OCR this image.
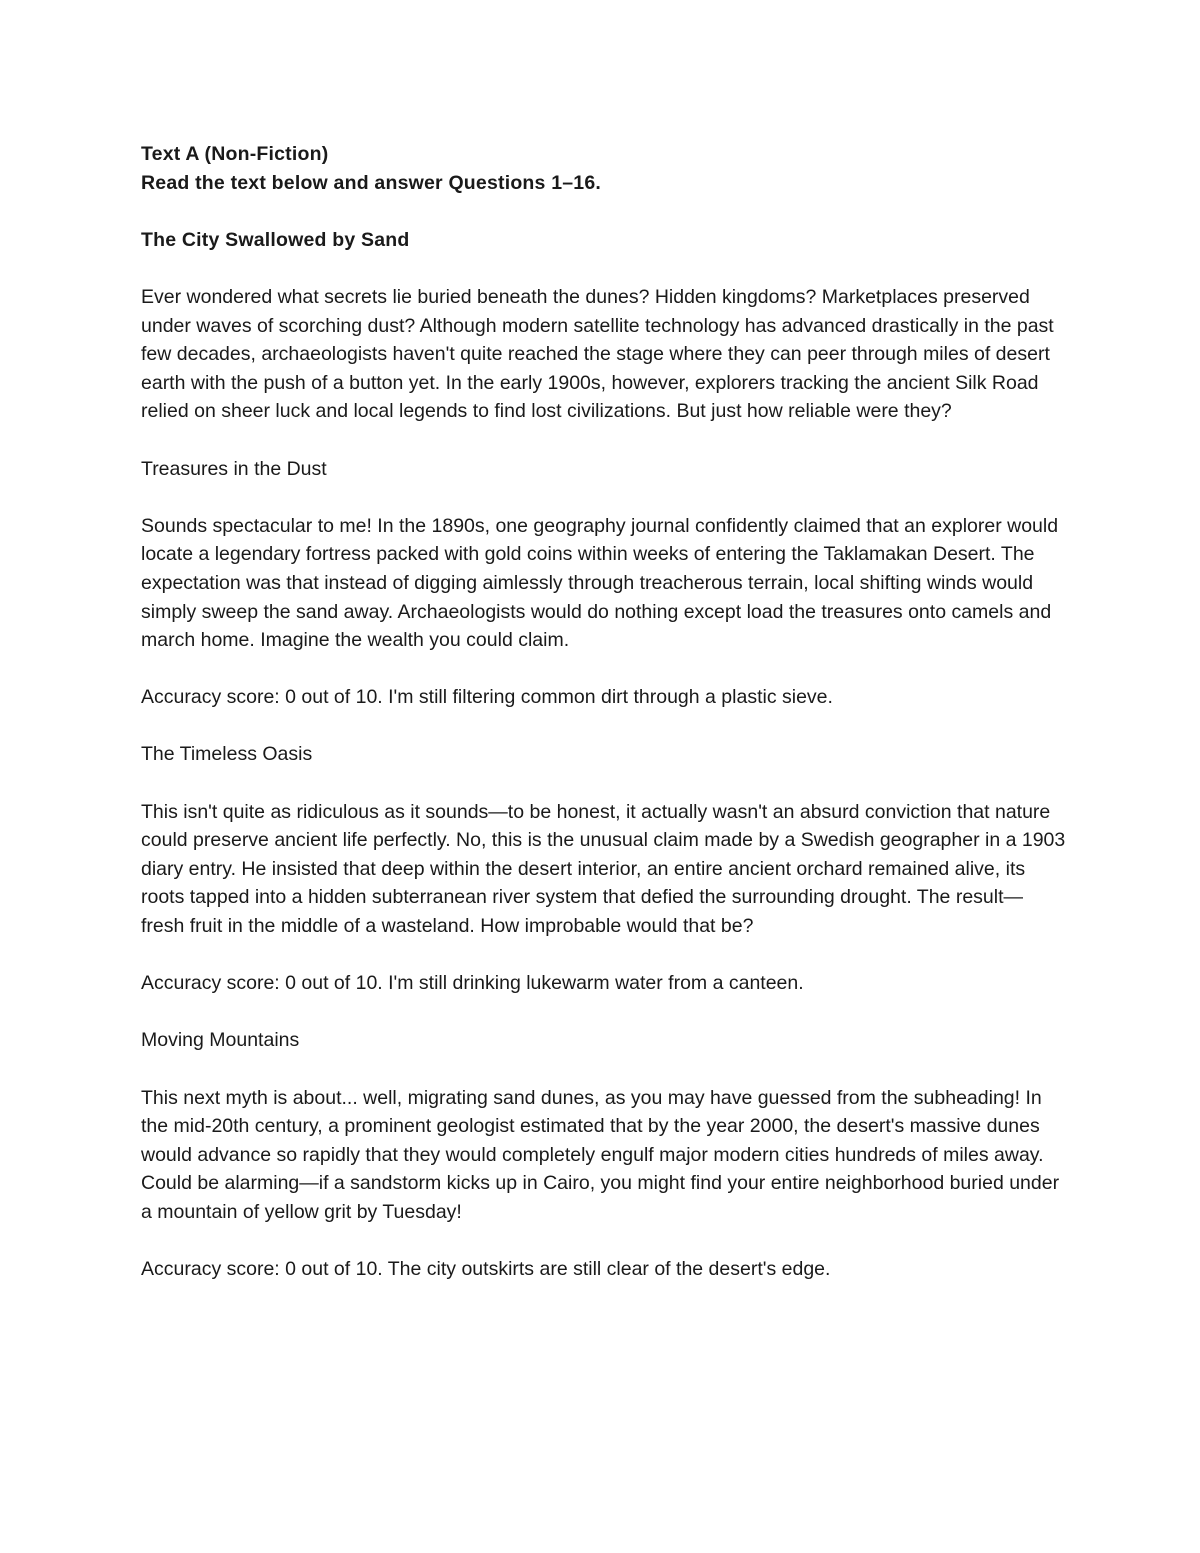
Text A (Non-Fiction)

Read the text below and answer Questions 1–16.

The City Swallowed by Sand

Ever wondered what secrets lie buried beneath the dunes? Hidden kingdoms? Marketplaces preserved under waves of scorching dust? Although modern satellite technology has advanced drastically in the past few decades, archaeologists haven't quite reached the stage where they can peer through miles of desert earth with the push of a button yet. In the early 1900s, however, explorers tracking the ancient Silk Road relied on sheer luck and local legends to find lost civilizations. But just how reliable were they?

Treasures in the Dust

Sounds spectacular to me! In the 1890s, one geography journal confidently claimed that an explorer would locate a legendary fortress packed with gold coins within weeks of entering the Taklamakan Desert. The expectation was that instead of digging aimlessly through treacherous terrain, local shifting winds would simply sweep the sand away. Archaeologists would do nothing except load the treasures onto camels and march home. Imagine the wealth you could claim.

Accuracy score: 0 out of 10. I'm still filtering common dirt through a plastic sieve.

The Timeless Oasis

This isn't quite as ridiculous as it sounds—to be honest, it actually wasn't an absurd conviction that nature could preserve ancient life perfectly. No, this is the unusual claim made by a Swedish geographer in a 1903 diary entry. He insisted that deep within the desert interior, an entire ancient orchard remained alive, its roots tapped into a hidden subterranean river system that defied the surrounding drought. The result—fresh fruit in the middle of a wasteland. How improbable would that be?

Accuracy score: 0 out of 10. I'm still drinking lukewarm water from a canteen.

Moving Mountains

This next myth is about... well, migrating sand dunes, as you may have guessed from the subheading! In the mid-20th century, a prominent geologist estimated that by the year 2000, the desert's massive dunes would advance so rapidly that they would completely engulf major modern cities hundreds of miles away. Could be alarming—if a sandstorm kicks up in Cairo, you might find your entire neighborhood buried under a mountain of yellow grit by Tuesday!

Accuracy score: 0 out of 10. The city outskirts are still clear of the desert's edge.
